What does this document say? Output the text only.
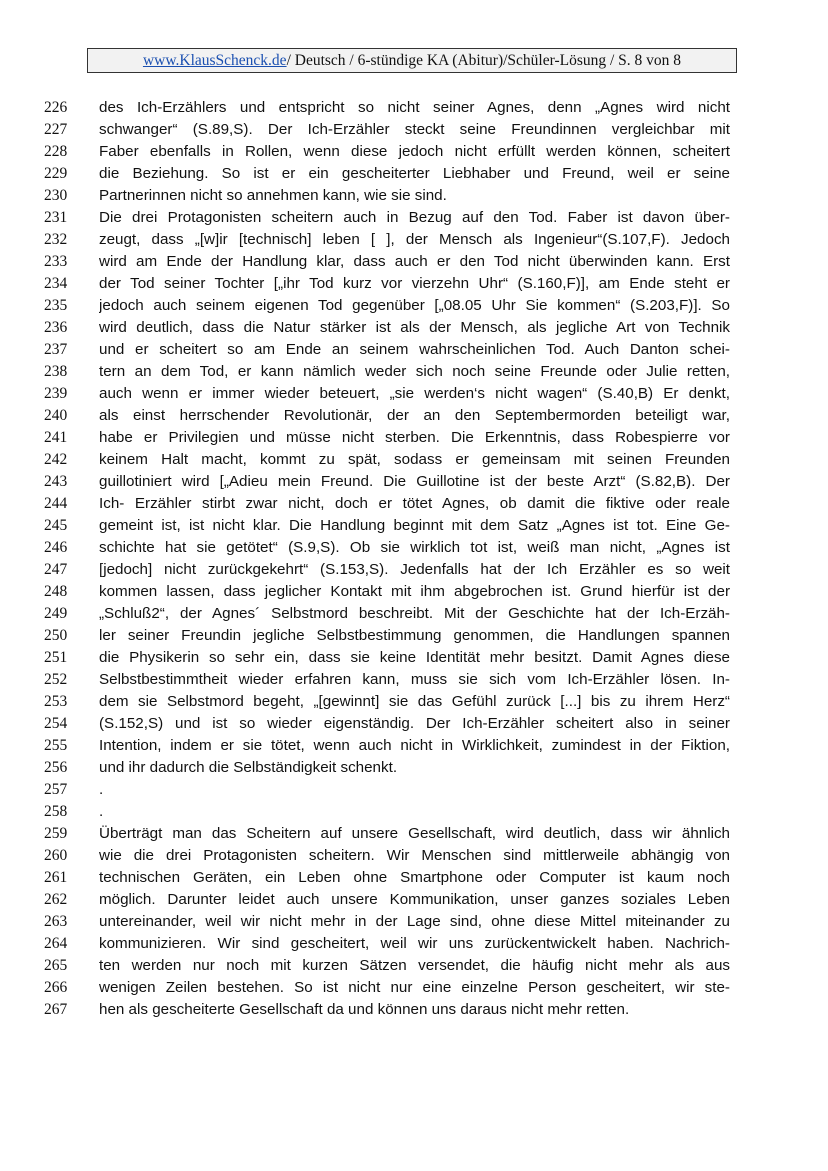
www.KlausSchenck.de / Deutsch / 6-stündige KA (Abitur)/Schüler-Lösung / S. 8 von 8
226 des Ich-Erzählers und entspricht so nicht seiner Agnes, denn „Agnes wird nicht
227 schwanger“ (S.89,S). Der Ich-Erzähler steckt seine Freundinnen vergleichbar mit
228 Faber ebenfalls in Rollen, wenn diese jedoch nicht erfüllt werden können, scheitert
229 die Beziehung. So ist er ein gescheiterter Liebhaber und Freund, weil er seine
230 Partnerinnen nicht so annehmen kann, wie sie sind.
231 Die drei Protagonisten scheitern auch in Bezug auf den Tod. Faber ist davon über-
232 zeugt, dass „[w]ir [technisch] leben [ ], der Mensch als Ingenieur“(S.107,F). Jedoch
233 wird am Ende der Handlung klar, dass auch er den Tod nicht überwinden kann. Erst
234 der Tod seiner Tochter [„ihr Tod kurz vor vierzehn Uhr“ (S.160,F)], am Ende steht er
235 jedoch auch seinem eigenen Tod gegenüber [„08.05 Uhr Sie kommen“ (S.203,F)]. So
236 wird deutlich, dass die Natur stärker ist als der Mensch, als jegliche Art von Technik
237 und er scheitert so am Ende an seinem wahrscheinlichen Tod. Auch Danton schei-
238 tern an dem Tod, er kann nämlich weder sich noch seine Freunde oder Julie retten,
239 auch wenn er immer wieder beteuert, „sie werden‘s nicht wagen“ (S.40,B) Er denkt,
240 als einst herrschender Revolutionär, der an den Septembermorden beteiligt war,
241 habe er Privilegien und müsse nicht sterben. Die Erkenntnis, dass Robespierre vor
242 keinem Halt macht, kommt zu spät, sodass er gemeinsam mit seinen Freunden
243 guillotiniert wird [„Adieu mein Freund. Die Guillotine ist der beste Arzt“ (S.82,B). Der
244 Ich- Erzähler stirbt zwar nicht, doch er tötet Agnes, ob damit die fiktive oder reale
245 gemeint ist, ist nicht klar. Die Handlung beginnt mit dem Satz „Agnes ist tot. Eine Ge-
246 schichte hat sie getötet“ (S.9,S). Ob sie wirklich tot ist, weiß man nicht, „Agnes ist
247 [jedoch] nicht zurückgekehrt“ (S.153,S). Jedenfalls hat der Ich Erzähler es so weit
248 kommen lassen, dass jeglicher Kontakt mit ihm abgebrochen ist. Grund hierfür ist der
249 „Schluß2“, der Agnes´ Selbstmord beschreibt. Mit der Geschichte hat der Ich-Erzäh-
250 ler seiner Freundin jegliche Selbstbestimmung genommen, die Handlungen spannen
251 die Physikerin so sehr ein, dass sie keine Identität mehr besitzt. Damit Agnes diese
252 Selbstbestimmtheit wieder erfahren kann, muss sie sich vom Ich-Erzähler lösen. In-
253 dem sie Selbstmord begeht, „[gewinnt] sie das Gefühl zurück [...] bis zu ihrem Herz“
254 (S.152,S) und ist so wieder eigenständig. Der Ich-Erzähler scheitert also in seiner
255 Intention, indem er sie tötet, wenn auch nicht in Wirklichkeit, zumindest in der Fiktion,
256 und ihr dadurch die Selbständigkeit schenkt.
257 .
258 .
259 Überträgt man das Scheitern auf unsere Gesellschaft, wird deutlich, dass wir ähnlich
260 wie die drei Protagonisten scheitern. Wir Menschen sind mittlerweile abhängig von
261 technischen Geräten, ein Leben ohne Smartphone oder Computer ist kaum noch
262 möglich. Darunter leidet auch unsere Kommunikation, unser ganzes soziales Leben
263 untereinander, weil wir nicht mehr in der Lage sind, ohne diese Mittel miteinander zu
264 kommunizieren. Wir sind gescheitert, weil wir uns zurückentwickelt haben. Nachrich-
265 ten werden nur noch mit kurzen Sätzen versendet, die häufig nicht mehr als aus
266 wenigen Zeilen bestehen. So ist nicht nur eine einzelne Person gescheitert, wir ste-
267 hen als gescheiterte Gesellschaft da und können uns daraus nicht mehr retten.
